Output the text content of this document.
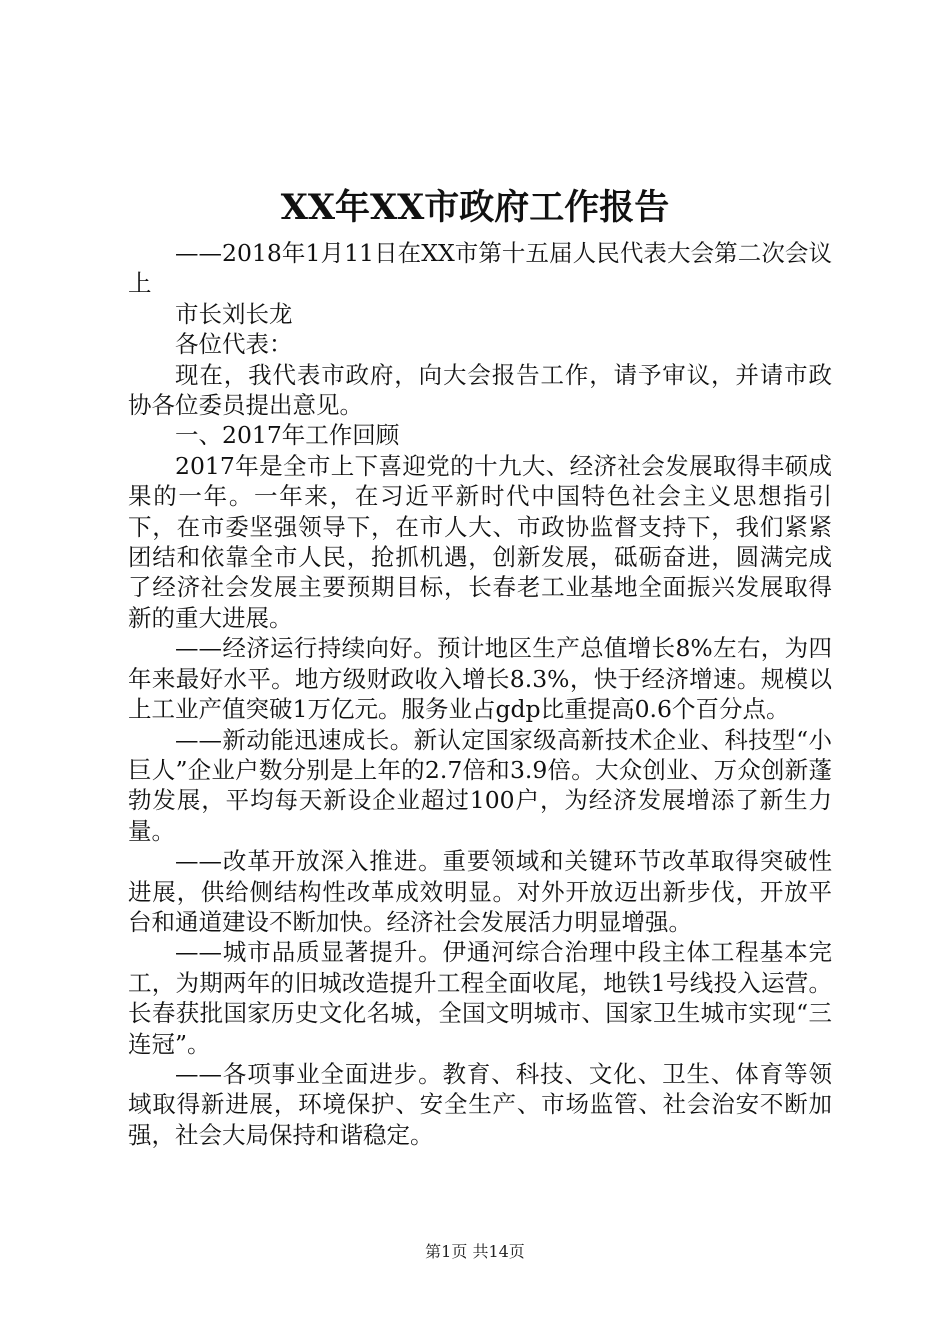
XX年XX市政府工作报告

——2018年1月11日在XX市第十五届人民代表大会第二次会议上

市长刘长龙

各位代表：

现在，我代表市政府，向大会报告工作，请予审议，并请市政协各位委员提出意见。

一、2017年工作回顾

2017年是全市上下喜迎党的十九大、经济社会发展取得丰硕成果的一年。一年来，在习近平新时代中国特色社会主义思想指引下，在市委坚强领导下，在市人大、市政协监督支持下，我们紧紧团结和依靠全市人民，抢抓机遇，创新发展，砥砺奋进，圆满完成了经济社会发展主要预期目标，长春老工业基地全面振兴发展取得新的重大进展。

——经济运行持续向好。预计地区生产总值增长8%左右，为四年来最好水平。地方级财政收入增长8.3%，快于经济增速。规模以上工业产值突破1万亿元。服务业占gdp比重提高0.6个百分点。

——新动能迅速成长。新认定国家级高新技术企业、科技型“小巨人”企业户数分别是上年的2.7倍和3.9倍。大众创业、万众创新蓬勃发展，平均每天新设企业超过100户，为经济发展增添了新生力量。

——改革开放深入推进。重要领域和关键环节改革取得突破性进展，供给侧结构性改革成效明显。对外开放迈出新步伐，开放平台和通道建设不断加快。经济社会发展活力明显增强。

——城市品质显著提升。伊通河综合治理中段主体工程基本完工，为期两年的旧城改造提升工程全面收尾，地铁1号线投入运营。长春获批国家历史文化名城，全国文明城市、国家卫生城市实现“三连冠”。

——各项事业全面进步。教育、科技、文化、卫生、体育等领域取得新进展，环境保护、安全生产、市场监管、社会治安不断加强，社会大局保持和谐稳定。

第1页 共14页
